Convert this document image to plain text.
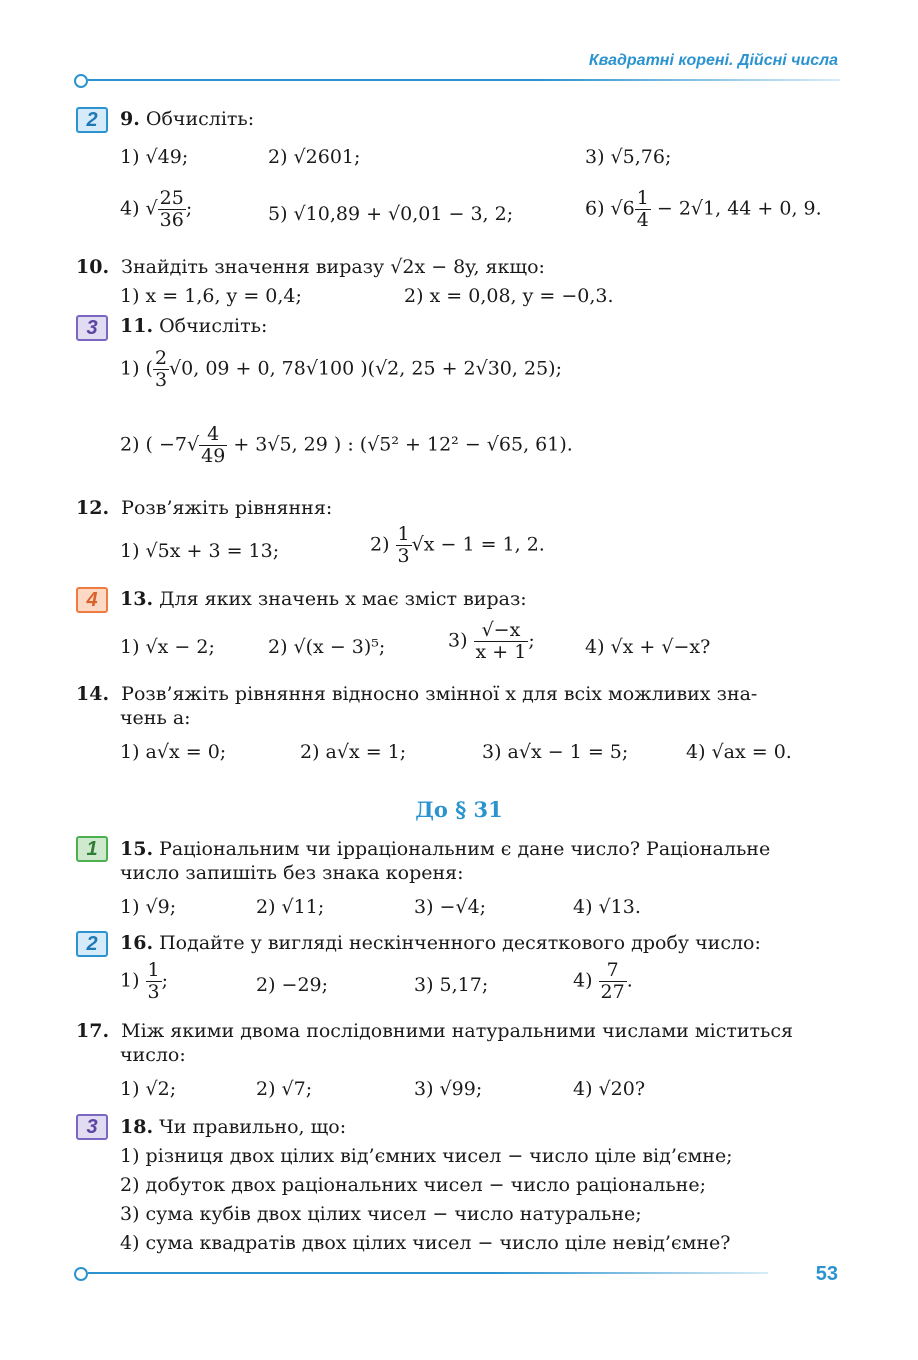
Квадратні корені. Дійсні числа
2	9. Обчисліть:
1) √49;	2) √2601;	3) √5,76;
4) √ $\frac{25}{36}$ ;	5) √10,89 + √0,01 − 3, 2;	6) $√6 \frac{1}{4} - 2√1$, 44 + 0, 9.
10. Знайдіть значення виразу √2x − 8y, якщо:
1) x = 1,6, y = 0,4;	2) x = 0,08, y = −0,3.
3	11. Обчисліть:
1) ( $\frac{2}{3} √0$, 09 + 0, 78√100 )(√2, 25 + 2√30, 25);
2) ( $-7√ \frac{4}{49} + 3√5$, 29 ) : (√5² + 12² − √65, 61).
12. Розв’яжіть рівняння:
1) √5x + 3 = 13;	$2) \frac{1}{3} √x - 1 = 1$, 2.
4	13. Для яких значень x має зміст вираз:
1) √x − 2;	2) √(x − 3)⁵;	$3) \frac{√-x}{x + 1}$ ;	4) √x + √−x?
14. Розв’яжіть рівняння відносно змінної x для всіх можливих зна-
чень a:
1) a√x = 0;	2) a√x = 1;	3) a√x − 1 = 5;	4) √ax = 0.
До § 31
1	15. Раціональним чи ірраціональним є дане число? Раціональне
число запишіть без знака кореня:
1) √9;	2) √11;	3) −√4;	4) √13.
2	16. Подайте у вигляді нескінченного десяткового дробу число:
$1) \frac{1}{3}$ ;	2) −29;	3) 5,17;	$4) \frac{7}{27}$ .
17. Між якими двома послідовними натуральними числами міститься
число:
1) √2;	2) √7;	3) √99;	4) √20?
3	18. Чи правильно, що:
1) різниця двох цілих від’ємних чисел − число ціле від’ємне;
2) добуток двох раціональних чисел − число раціональне;
3) сума кубів двох цілих чисел − число натуральне;
4) сума квадратів двох цілих чисел − число ціле невід’ємне?
53
